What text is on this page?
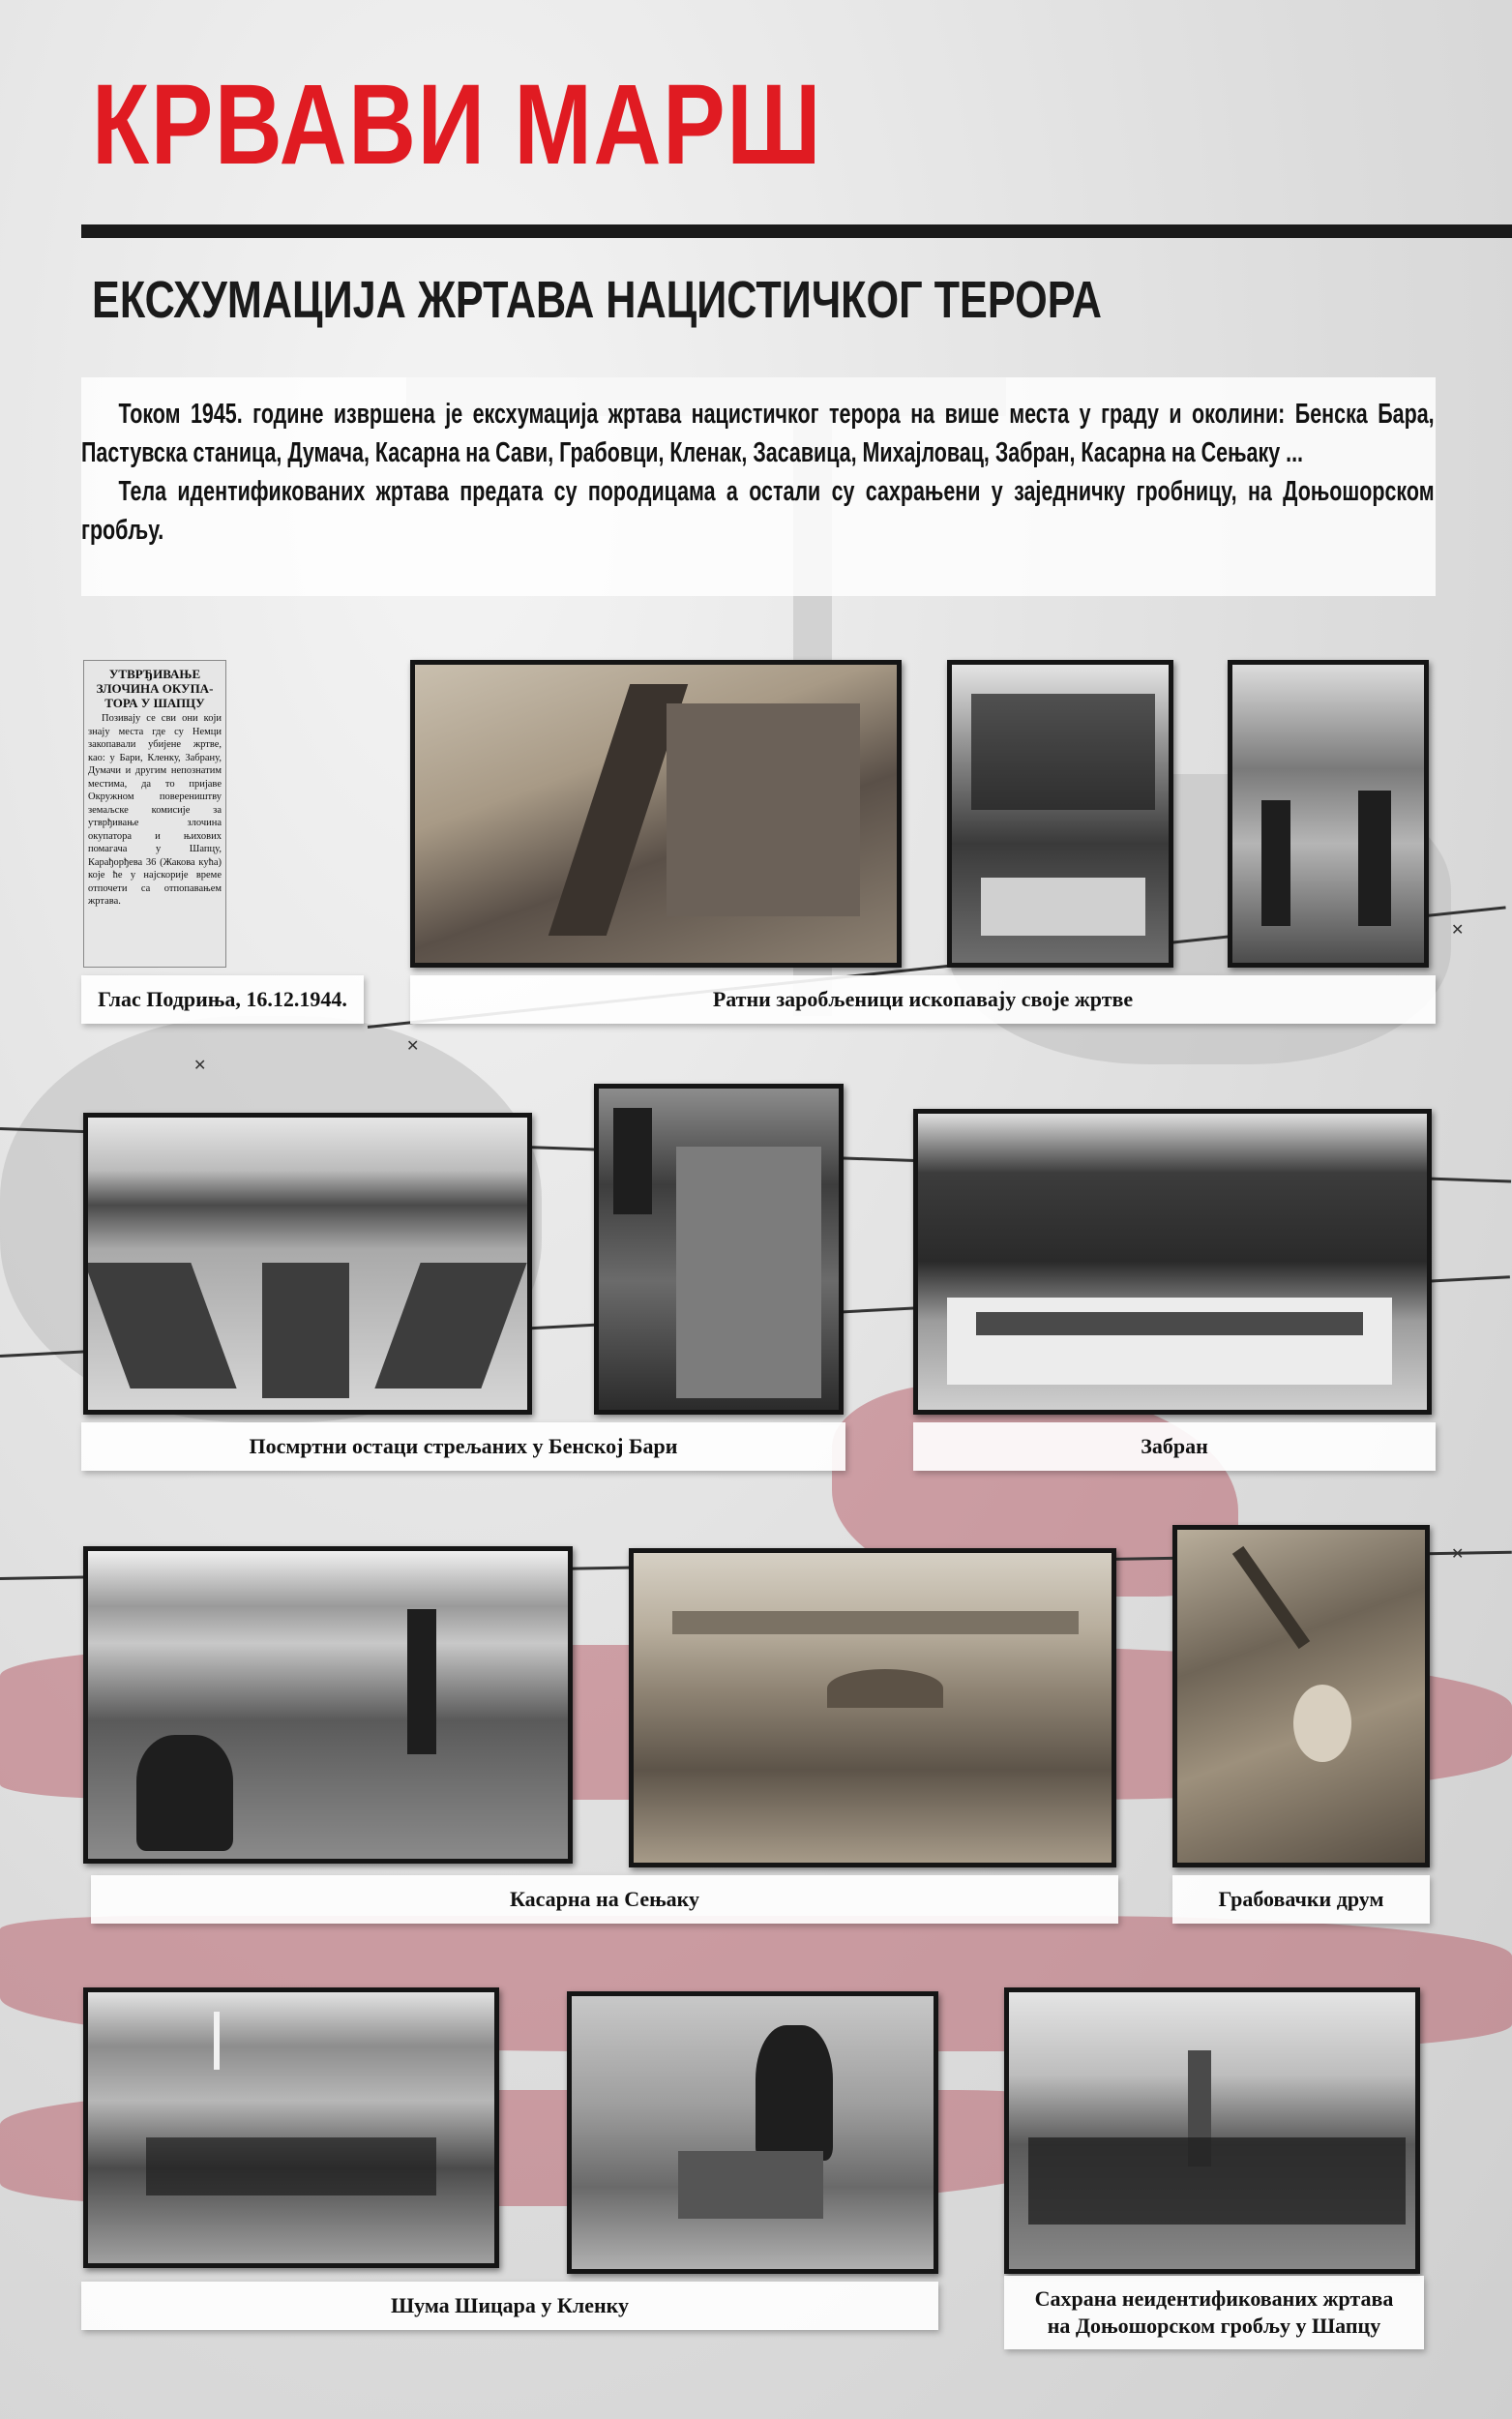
✕
✕
✕
✕
КРВАВИ МАРШ
ЕКСХУМАЦИЈА ЖРТАВА НАЦИСТИЧКОГ ТЕРОРА

Током 1945. године извршена је ексхумација жртава нацистичког терора на више места у граду и околини: Бенска Бара, Пастувска станица, Думача, Касарна на Сави, Грабовци, Кленак, Засавица, Михајловац, Забран, Касарна на Сењаку ...

Тела идентификованих жртава предата су породицама а остали су сахрањени у заједничку гробницу, на Доњошорском гробљу.

УТВРЂИВАЊЕ ЗЛОЧИНА ОКУПА-ТОРА У ШАПЦУ
Позивају се сви они који знају места где су Немци закопавали убијене жртве, као: у Бари, Кленку, Забрану, Думачи и другим непознатим местима, да то пријаве Окружном повереништву земаљске комисије за утврђивање злочина окупатора и њихових помагача у Шапцу, Карађорђева 36 (Жакова кућа) које ће у најскорије време отпочети са отпопавањем жртава.
Глас Подриња, 16.12.1944.	Ратни заробљеници ископавају своје жртве
Посмртни остаци стрељаних у Бенској Бари	Забран
Касарна на Сењаку	Грабовачки друм
Шума Шицара у Кленку	Сахрана неидентификованих жртава
на Доњошорском гробљу у Шапцу
